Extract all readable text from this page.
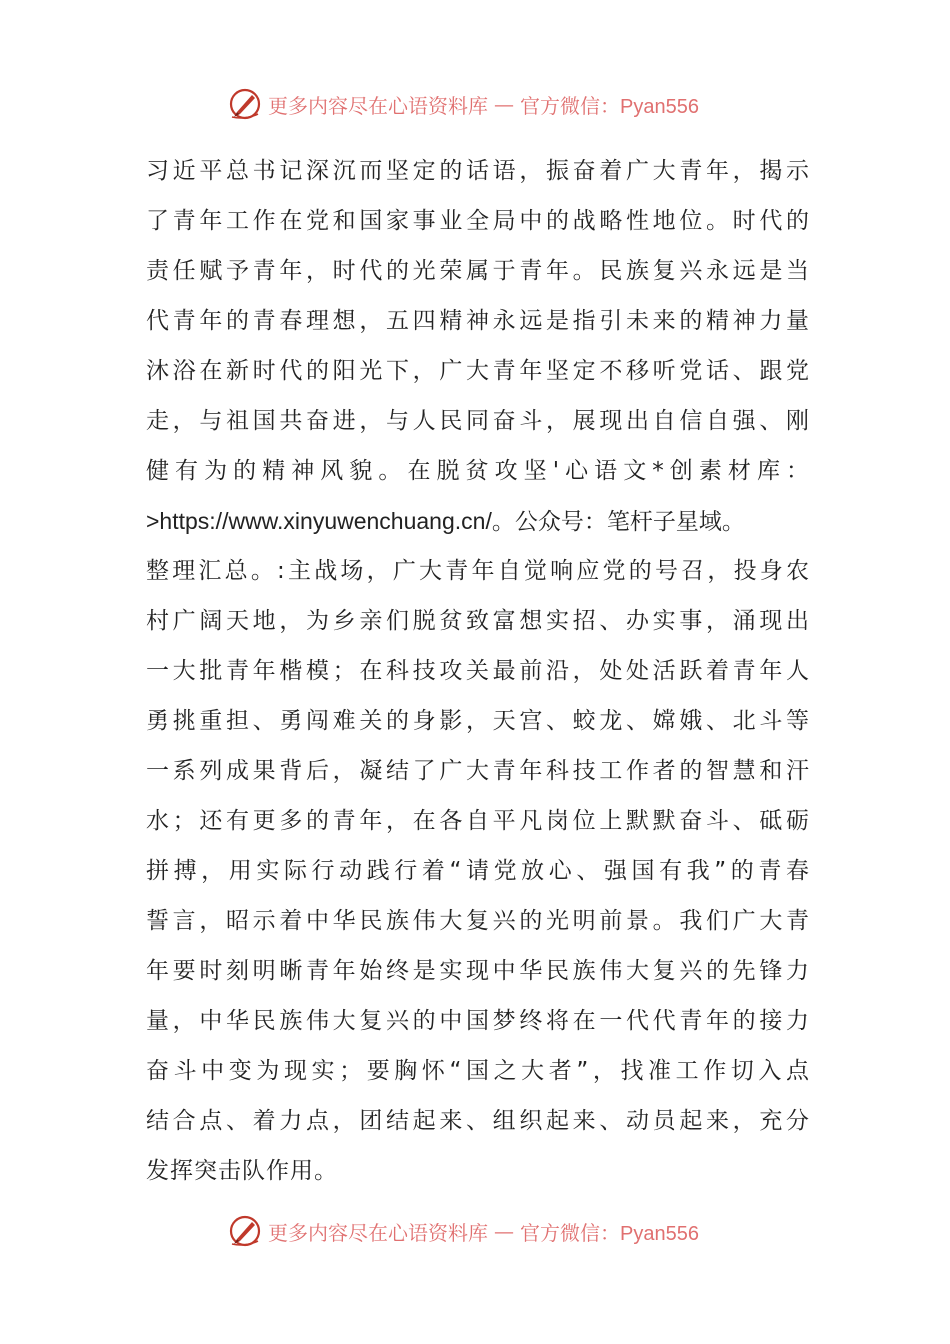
更多内容尽在心语资料库 — 官方微信：Pyan556
习近平总书记深沉而坚定的话语，振奋着广大青年，揭示
了青年工作在党和国家事业全局中的战略性地位。时代的
责任赋予青年，时代的光荣属于青年。民族复兴永远是当
代青年的青春理想，五四精神永远是指引未来的精神力量
沐浴在新时代的阳光下，广大青年坚定不移听党话、跟党
走，与祖国共奋进，与人民同奋斗，展现出自信自强、刚
健有为的精神风貌。在脱贫攻坚'心语文*创素材库：
>https://www.xinyuwenchuang.cn/。公众号：笔杆子星域。
整理汇总。:主战场，广大青年自觉响应党的号召，投身农
村广阔天地，为乡亲们脱贫致富想实招、办实事，涌现出
一大批青年楷模；在科技攻关最前沿，处处活跃着青年人
勇挑重担、勇闯难关的身影，天宫、蛟龙、嫦娥、北斗等
一系列成果背后，凝结了广大青年科技工作者的智慧和汗
水；还有更多的青年，在各自平凡岗位上默默奋斗、砥砺
拼搏，用实际行动践行着“请党放心、强国有我”的青春
誓言，昭示着中华民族伟大复兴的光明前景。我们广大青
年要时刻明晰青年始终是实现中华民族伟大复兴的先锋力
量，中华民族伟大复兴的中国梦终将在一代代青年的接力
奋斗中变为现实；要胸怀“国之大者”，找准工作切入点
结合点、着力点，团结起来、组织起来、动员起来，充分
发挥突击队作用。
更多内容尽在心语资料库 — 官方微信：Pyan556
